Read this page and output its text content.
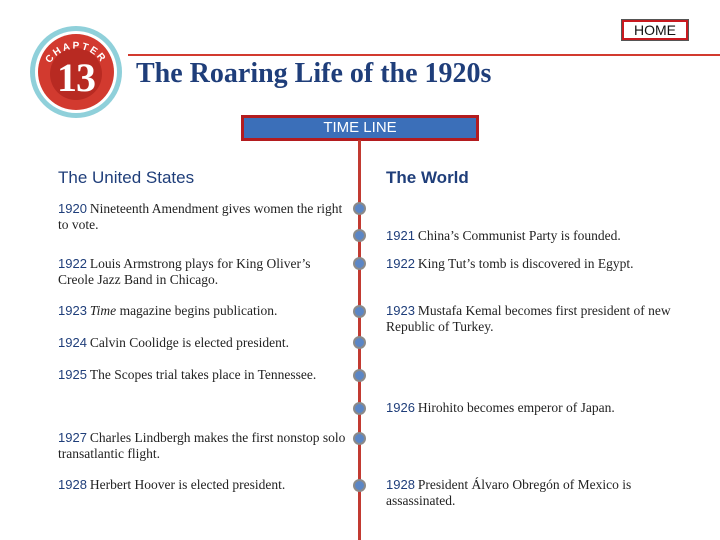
HOME
CHAPTER
13	The Roaring Life of the 1920s
TIME LINE
The United States	The World
1920 Nineteenth Amendment gives women the right to vote.
1922 Louis Armstrong plays for King Oliver’s Creole Jazz Band in Chicago.
1923 Time magazine begins publication.
1924 Calvin Coolidge is elected president.
1925 The Scopes trial takes place in Tennessee.
1927 Charles Lindbergh makes the first nonstop solo transatlantic flight.
1928 Herbert Hoover is elected president.
1921 China’s Communist Party is founded.
1922 King Tut’s tomb is discovered in Egypt.
1923 Mustafa Kemal becomes first president of new Republic of Turkey.
1926 Hirohito becomes emperor of Japan.
1928 President Álvaro Obregón of Mexico is assassinated.
